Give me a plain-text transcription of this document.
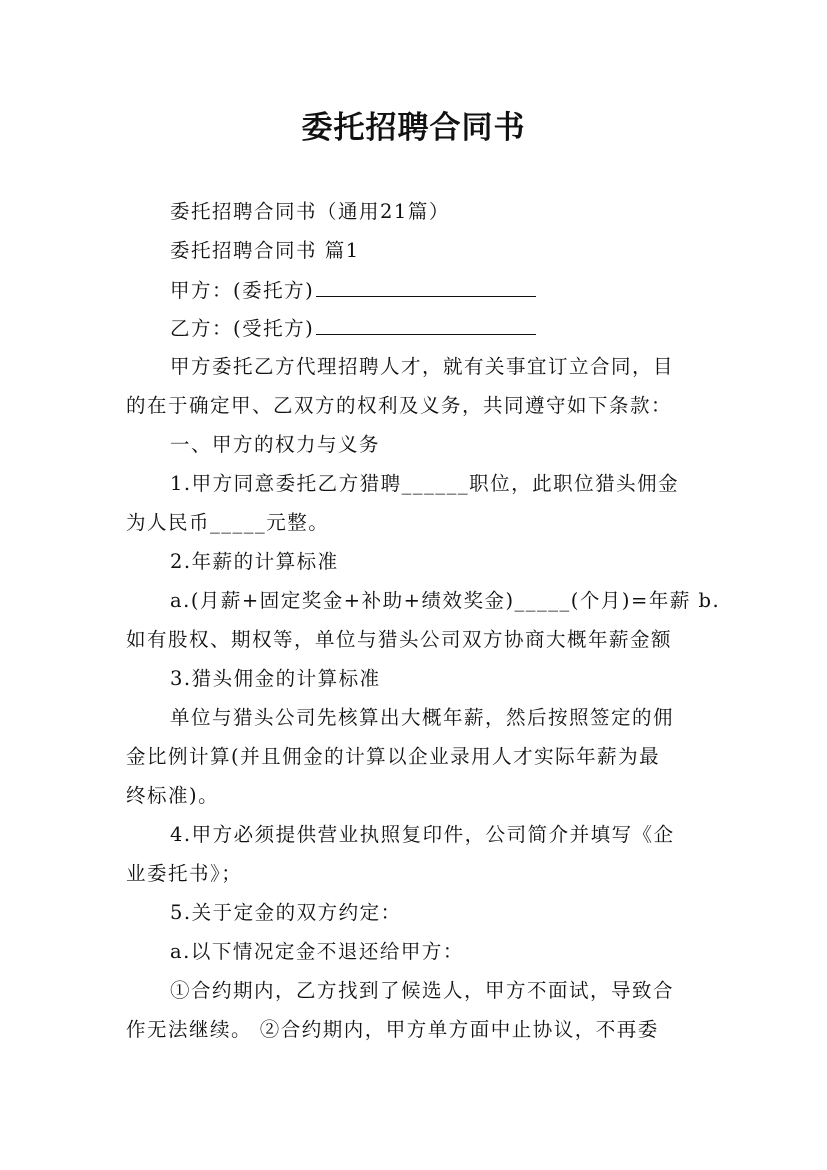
委托招聘合同书
委托招聘合同书（通用21篇）
委托招聘合同书 篇1
甲方：(委托方)
乙方：(受托方)
甲方委托乙方代理招聘人才，就有关事宜订立合同，目
的在于确定甲、乙双方的权利及义务，共同遵守如下条款：
一、甲方的权力与义务
1.甲方同意委托乙方猎聘______职位，此职位猎头佣金
为人民币_____元整。
2.年薪的计算标准
a.(月薪+固定奖金+补助+绩效奖金)_____(个月)=年薪 b.
如有股权、期权等，单位与猎头公司双方协商大概年薪金额
3.猎头佣金的计算标准
单位与猎头公司先核算出大概年薪，然后按照签定的佣
金比例计算(并且佣金的计算以企业录用人才实际年薪为最
终标准)。
4.甲方必须提供营业执照复印件，公司简介并填写《企
业委托书》；
5.关于定金的双方约定：
a.以下情况定金不退还给甲方：
①合约期内，乙方找到了候选人，甲方不面试，导致合
作无法继续。 ②合约期内，甲方单方面中止协议，不再委
